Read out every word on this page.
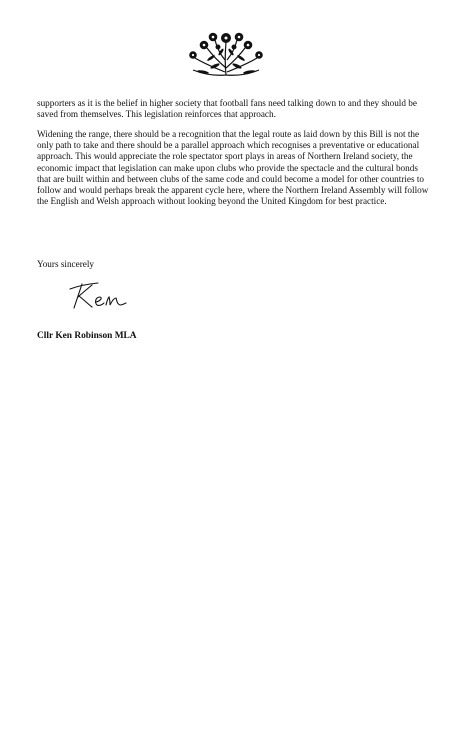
supporters as it is the belief in higher society that football fans need talking down to and they should be saved from themselves. This legislation reinforces that approach.

Widening the range, there should be a recognition that the legal route as laid down by this Bill is not the only path to take and there should be a parallel approach which recognises a preventative or educational approach. This would appreciate the role spectator sport plays in areas of Northern Ireland society, the economic impact that legislation can make upon clubs who provide the spectacle and the cultural bonds that are built within and between clubs of the same code and could become a model for other countries to follow and would perhaps break the apparent cycle here, where the Northern Ireland Assembly will follow the English and Welsh approach without looking beyond the United Kingdom for best practice.

Yours sincerely
Cllr Ken Robinson MLA
